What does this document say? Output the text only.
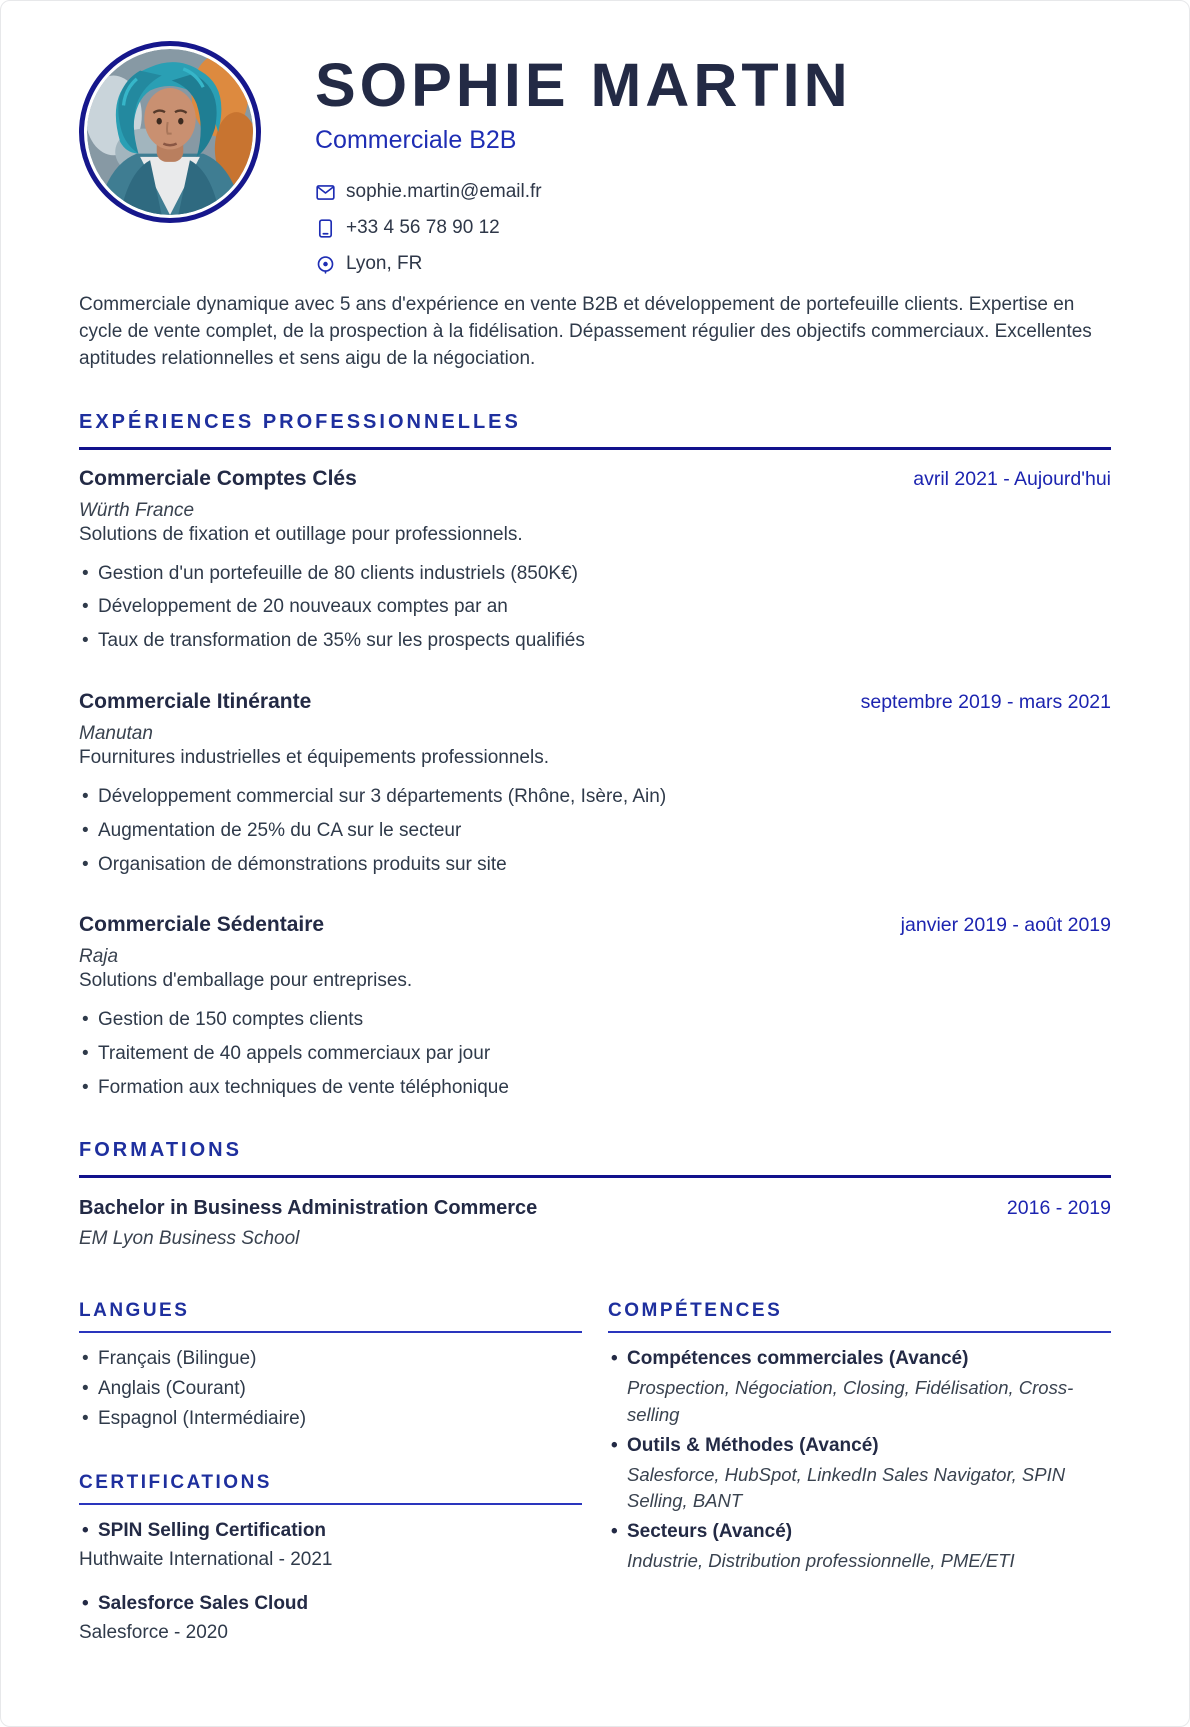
SOPHIE MARTIN
Commerciale B2B
sophie.martin@email.fr
+33 4 56 78 90 12
Lyon, FR

Commerciale dynamique avec 5 ans d'expérience en vente B2B et développement de portefeuille clients. Expertise en cycle de vente complet, de la prospection à la fidélisation. Dépassement régulier des objectifs commerciaux. Excellentes aptitudes relationnelles et sens aigu de la négociation.

EXPÉRIENCES PROFESSIONNELLES
Commerciale Comptes Clés	avril 2021 - Aujourd'hui
Würth France
Solutions de fixation et outillage pour professionnels.
• Gestion d'un portefeuille de 80 clients industriels (850K€)
• Développement de 20 nouveaux comptes par an
• Taux de transformation de 35% sur les prospects qualifiés
Commerciale Itinérante	septembre 2019 - mars 2021
Manutan
Fournitures industrielles et équipements professionnels.
• Développement commercial sur 3 départements (Rhône, Isère, Ain)
• Augmentation de 25% du CA sur le secteur
• Organisation de démonstrations produits sur site
Commerciale Sédentaire	janvier 2019 - août 2019
Raja
Solutions d'emballage pour entreprises.
• Gestion de 150 comptes clients
• Traitement de 40 appels commerciaux par jour
• Formation aux techniques de vente téléphonique
FORMATIONS
Bachelor in Business Administration Commerce	2016 - 2019
EM Lyon Business School
LANGUES
• Français (Bilingue)
• Anglais (Courant)
• Espagnol (Intermédiaire)
CERTIFICATIONS
• SPIN Selling Certification
Huthwaite International - 2021
• Salesforce Sales Cloud
Salesforce - 2020
COMPÉTENCES
• Compétences commerciales (Avancé)
Prospection, Négociation, Closing, Fidélisation, Cross-selling
• Outils & Méthodes (Avancé)
Salesforce, HubSpot, LinkedIn Sales Navigator, SPIN Selling, BANT
• Secteurs (Avancé)
Industrie, Distribution professionnelle, PME/ETI
